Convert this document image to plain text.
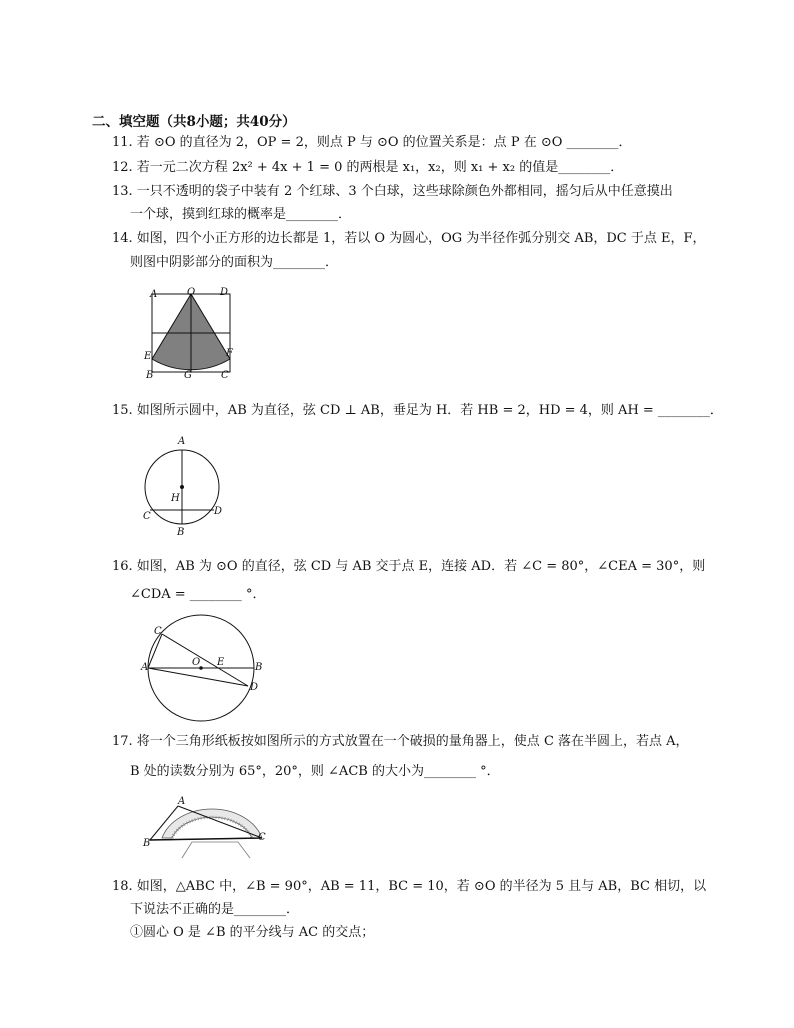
二、填空题（共8小题；共40分）
11. 若 ⊙O 的直径为 2，OP = 2，则点 P 与 ⊙O 的位置关系是：点 P 在 ⊙O ________．
12. 若一元二次方程 2x² + 4x + 1 = 0 的两根是 x₁，x₂，则 x₁ + x₂ 的值是________．
13. 一只不透明的袋子中装有 2 个红球、3 个白球，这些球除颜色外都相同，摇匀后从中任意摸出
一个球，摸到红球的概率是________．
14. 如图，四个小正方形的边长都是 1，若以 O 为圆心，OG 为半径作弧分别交 AB，DC 于点 E，F，
则图中阴影部分的面积为________．
A	O D
E	F
B	G	C
15. 如图所示圆中，AB 为直径，弦 CD ⊥ AB，垂足为 H．若 HB = 2，HD = 4，则 AH = ________．
A
H
C	D
B
16. 如图，AB 为 ⊙O 的直径，弦 CD 与 AB 交于点 E，连接 AD．若 ∠C = 80°，∠CEA = 30°，则
∠CDA = ________ °．
C
A	O E	B
D
17. 将一个三角形纸板按如图所示的方式放置在一个破损的量角器上，使点 C 落在半圆上，若点 A，
B 处的读数分别为 65°，20°，则 ∠ACB 的大小为________ °．
A
B
C
18. 如图，△ABC 中，∠B = 90°，AB = 11，BC = 10，若 ⊙O 的半径为 5 且与 AB，BC 相切，以
下说法不正确的是________．
①圆心 O 是 ∠B 的平分线与 AC 的交点；
